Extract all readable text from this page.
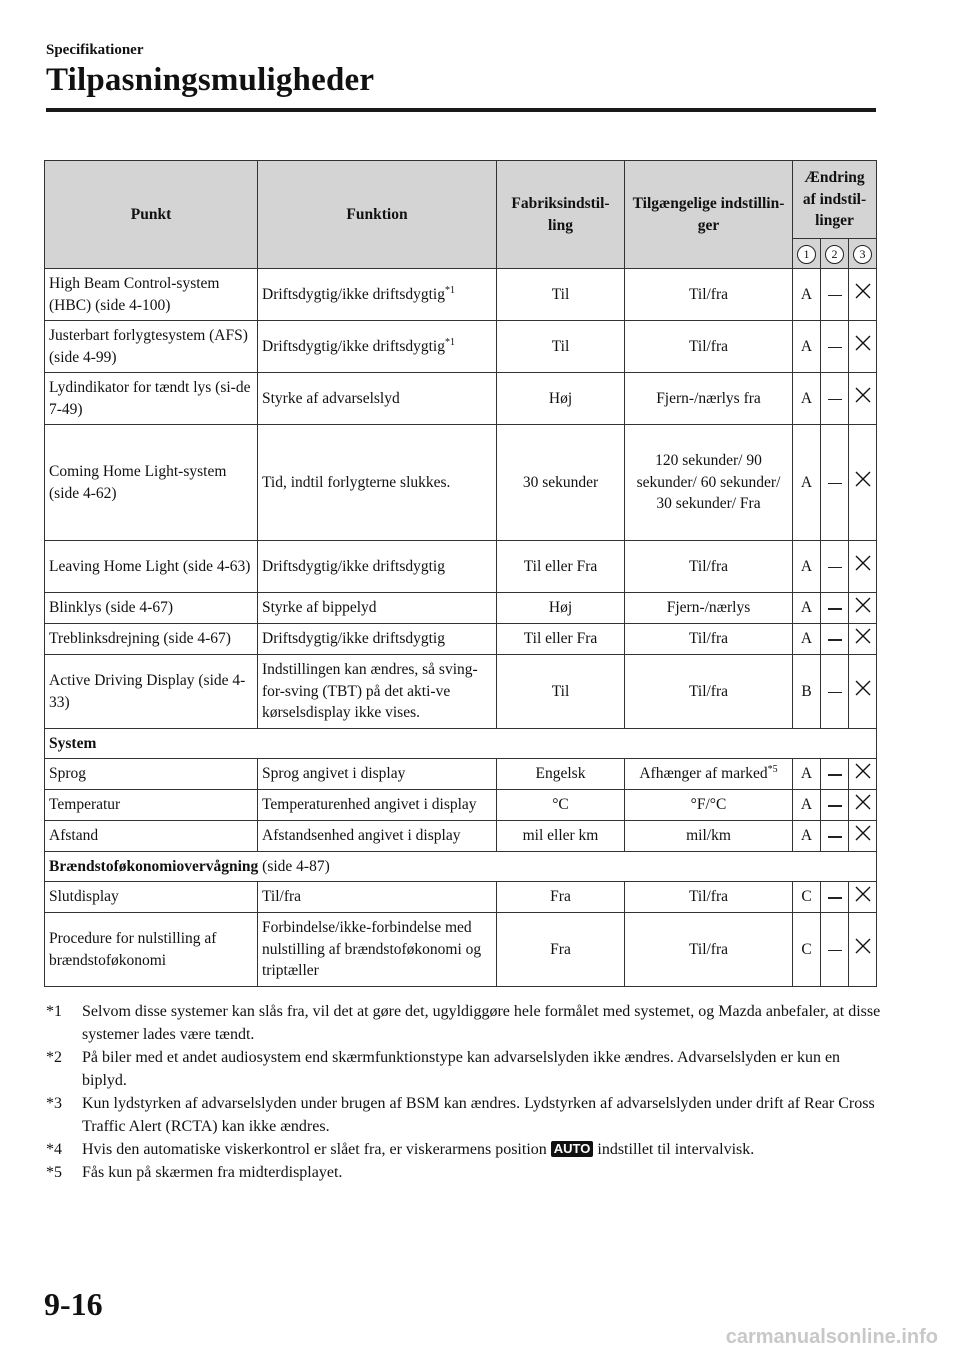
Specifikationer
Tilpasningsmuligheder
Punkt	Funktion	Fabriksindstil-ling	Tilgængelige indstillin-ger	Ændring af indstil-linger		
				1	2	3
High Beam Control-system (HBC) (side 4-100)	Driftsdygtig/ikke driftsdygtig$^{*1}$	Til	Til/fra	A		
Justerbart forlygtesystem (AFS) (side 4-99)	Driftsdygtig/ikke driftsdygtig$^{*1}$	Til	Til/fra	A		
Lydindikator for tændt lys (si-de 7-49)	Styrke af advarselslyd	Høj	Fjern-/nærlys fra	A		
Coming Home Light-system (side 4-62)	Tid, indtil forlygterne slukkes.	30 sekunder	120 sekunder/ 90 sekunder/ 60 sekunder/ 30 sekunder/ Fra	A		
Leaving Home Light (side 4-63)	Driftsdygtig/ikke driftsdygtig	Til eller Fra	Til/fra	A		
Blinklys (side 4-67)	Styrke af bippelyd	Høj	Fjern-/nærlys	A		
Treblinksdrejning (side 4-67)	Driftsdygtig/ikke driftsdygtig	Til eller Fra	Til/fra	A		
Active Driving Display (side 4-33)	Indstillingen kan ændres, så sving-for-sving (TBT) på det akti-ve kørselsdisplay ikke vises.	Til	Til/fra	B		
System						
Sprog	Sprog angivet i display	Engelsk	Afhænger af marked$^{*5}$	A		
Temperatur	Temperaturenhed angivet i display	°C	°F/°C	A		
Afstand	Afstandsenhed angivet i display	mil eller km	mil/km	A		
Brændstoføkonomiovervågning (side 4-87)						
Slutdisplay	Til/fra	Fra	Til/fra	C		
Procedure for nulstilling af brændstoføkonomi	Forbindelse/ikke-forbindelse med nulstilling af brændstoføkonomi og triptæller	Fra	Til/fra	C		
*1	Selvom disse systemer kan slås fra, vil det at gøre det, ugyldiggøre hele formålet med systemet, og Mazda anbefaler, at disse systemer lades være tændt.
*2	På biler med et andet audiosystem end skærmfunktionstype kan advarselslyden ikke ændres. Advarselslyden er kun en biplyd.
*3	Kun lydstyrken af advarselslyden under brugen af BSM kan ændres. Lydstyrken af advarselslyden under drift af Rear Cross Traffic Alert (RCTA) kan ikke ændres.
*4	Hvis den automatiske viskerkontrol er slået fra, er viskerarmens position AUTO indstillet til intervalvisk.
*5	Fås kun på skærmen fra midterdisplayet.
9-16
carmanualsonline.info
